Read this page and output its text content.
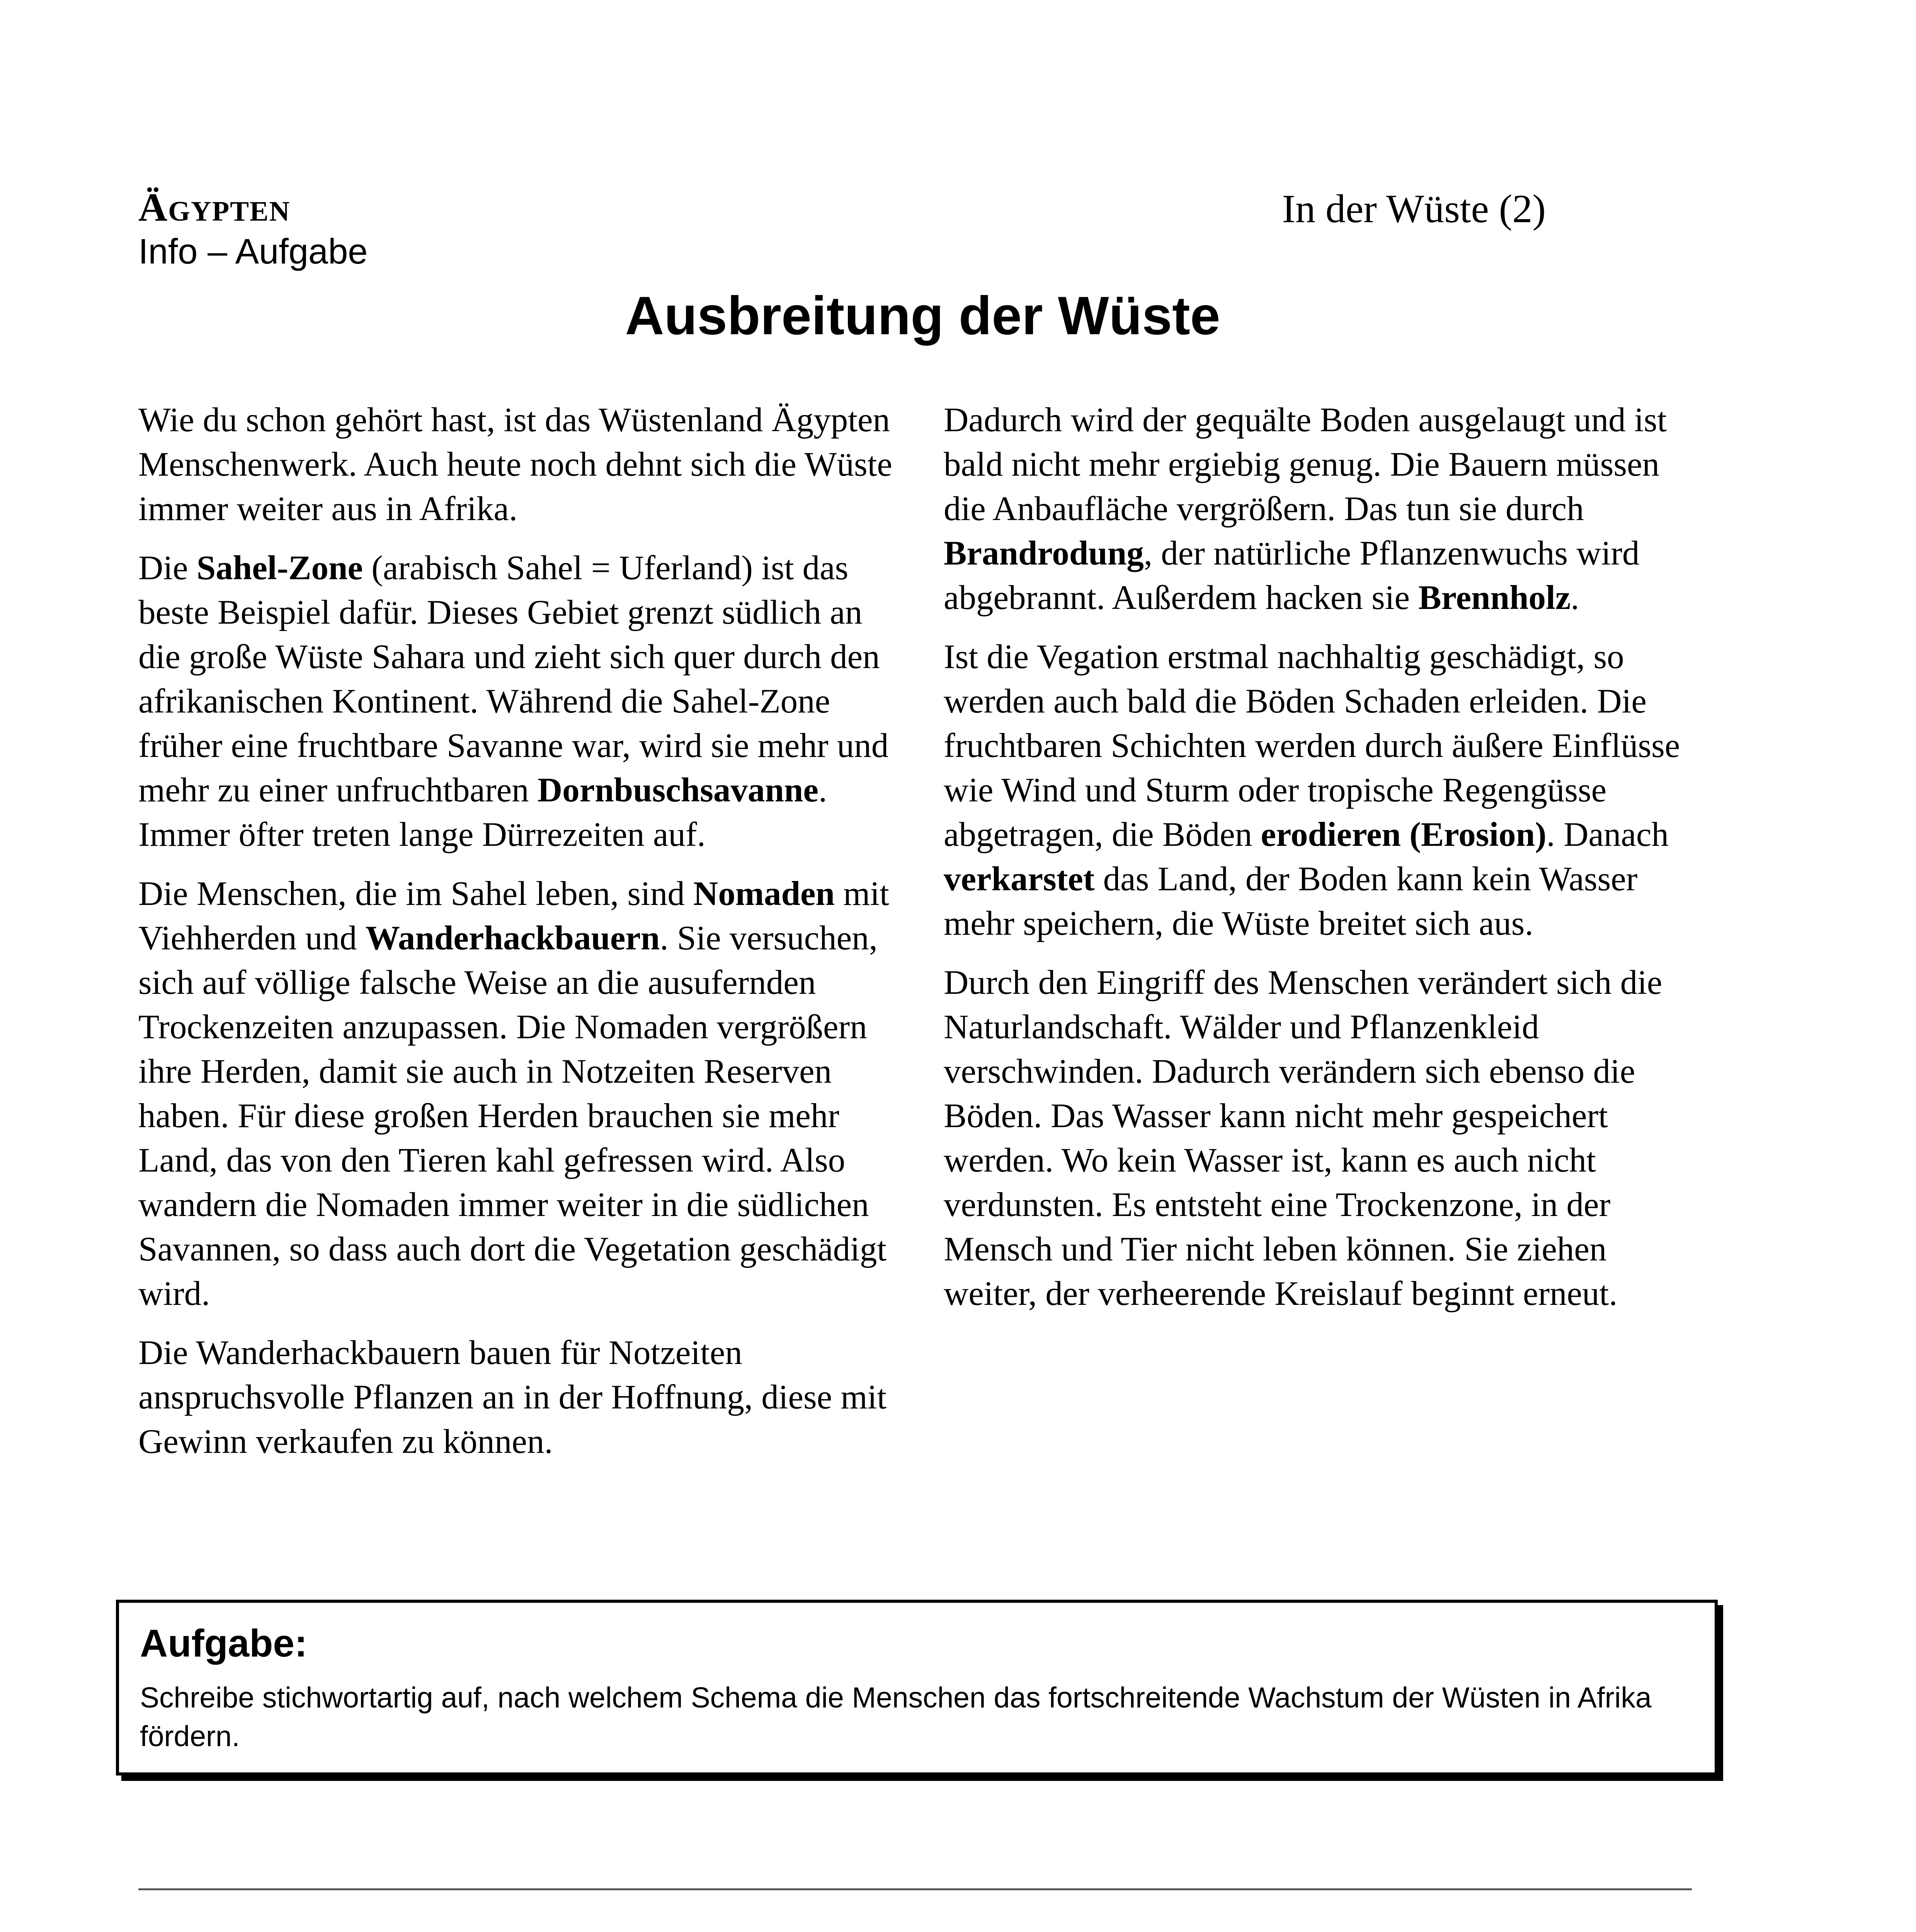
Ägypten
Info – Aufgabe
In der Wüste (2)
Ausbreitung der Wüste

Wie du schon gehört hast, ist das Wüstenland Ägypten Menschenwerk. Auch heute noch dehnt sich die Wüste immer weiter aus in Afrika.

Die Sahel-Zone (arabisch Sahel = Uferland) ist das beste Beispiel dafür. Dieses Gebiet grenzt südlich an die große Wüste Sahara und zieht sich quer durch den afrikanischen Kontinent. Während die Sahel-Zone früher eine fruchtbare Savanne war, wird sie mehr und mehr zu einer unfruchtbaren Dornbuschsavanne. Immer öfter treten lange Dürrezeiten auf.

Die Menschen, die im Sahel leben, sind Nomaden mit Viehherden und Wanderhackbauern. Sie versuchen, sich auf völlige falsche Weise an die ausufernden Trockenzeiten anzupassen. Die Nomaden vergrößern ihre Herden, damit sie auch in Notzeiten Reserven haben. Für diese großen Herden brauchen sie mehr Land, das von den Tieren kahl gefressen wird. Also wandern die Nomaden immer weiter in die südlichen Savannen, so dass auch dort die Vegetation geschädigt wird.

Die Wanderhackbauern bauen für Notzeiten anspruchsvolle Pflanzen an in der Hoffnung, diese mit Gewinn verkaufen zu können.

Dadurch wird der gequälte Boden ausgelaugt und ist bald nicht mehr ergiebig genug. Die Bauern müssen die Anbaufläche vergrößern. Das tun sie durch Brandrodung, der natürliche Pflanzenwuchs wird abgebrannt. Außerdem hacken sie Brennholz.

Ist die Vegation erstmal nachhaltig geschädigt, so werden auch bald die Böden Schaden erleiden. Die fruchtbaren Schichten werden durch äußere Einflüsse wie Wind und Sturm oder tropische Regengüsse abgetragen, die Böden erodieren (Erosion). Danach verkarstet das Land, der Boden kann kein Wasser mehr speichern, die Wüste breitet sich aus.

Durch den Eingriff des Menschen verändert sich die Naturlandschaft. Wälder und Pflanzenkleid verschwinden. Dadurch verändern sich ebenso die Böden. Das Wasser kann nicht mehr gespeichert werden. Wo kein Wasser ist, kann es auch nicht verdunsten. Es entsteht eine Trockenzone, in der Mensch und Tier nicht leben können. Sie ziehen weiter, der verheerende Kreislauf beginnt erneut.

Aufgabe:
Schreibe stichwortartig auf, nach welchem Schema die Menschen das fortschreitende Wachstum der Wüsten in Afrika fördern.
